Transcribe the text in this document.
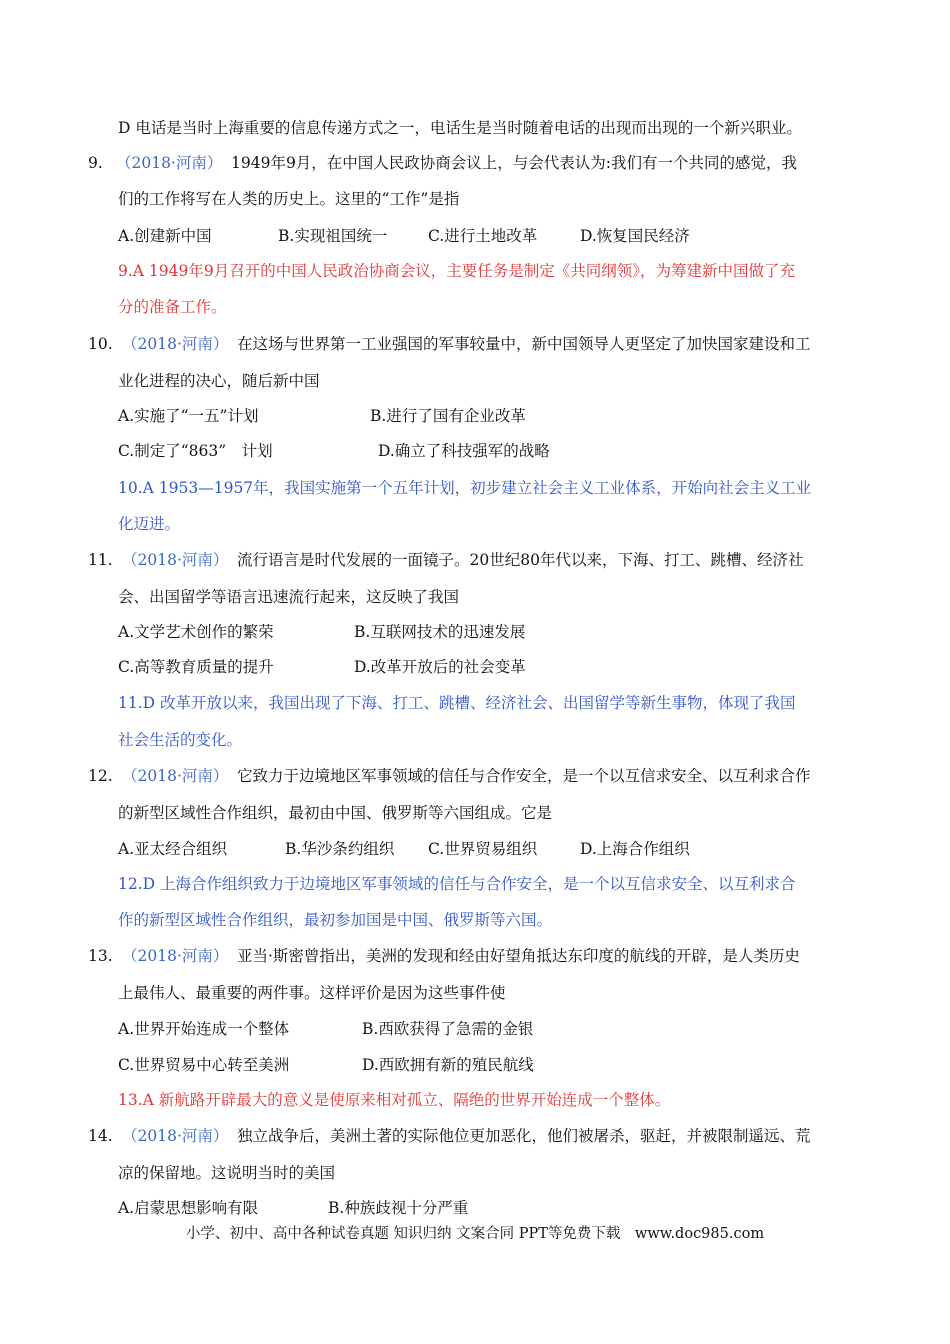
D 电话是当时上海重要的信息传递方式之一，电话生是当时随着电话的出现而出现的一个新兴职业。
9. （2018·河南） 1949年9月，在中国人民政协商会议上，与会代表认为:我们有一个共同的感觉，我
们的工作将写在人类的历史上。这里的“工作”是指
A.创建新中国	B.实现祖国统一	C.进行土地改革	D.恢复国民经济
9.A 1949年9月召开的中国人民政治协商会议，主要任务是制定《共同纲领》，为筹建新中国做了充
分的准备工作。
10. （2018·河南） 在这场与世界第一工业强国的军事较量中，新中国领导人更坚定了加快国家建设和工
业化进程的决心，随后新中国
A.实施了“一五”计划	B.进行了国有企业改革
C.制定了“863”　计划	D.确立了科技强军的战略
10.A 1953—1957年，我国实施第一个五年计划，初步建立社会主义工业体系，开始向社会主义工业
化迈进。
11. （2018·河南） 流行语言是时代发展的一面镜子。20世纪80年代以来，下海、打工、跳槽、经济社
会、出国留学等语言迅速流行起来，这反映了我国
A.文学艺术创作的繁荣	B.互联网技术的迅速发展
C.高等教育质量的提升	D.改革开放后的社会变革
11.D 改革开放以来，我国出现了下海、打工、跳槽、经济社会、出国留学等新生事物，体现了我国
社会生活的变化。
12. （2018·河南） 它致力于边境地区军事领域的信任与合作安全，是一个以互信求安全、以互利求合作
的新型区域性合作组织，最初由中国、俄罗斯等六国组成。它是
A.亚太经合组织	B.华沙条约组织 C.世界贸易组织	D.上海合作组织
12.D 上海合作组织致力于边境地区军事领域的信任与合作安全，是一个以互信求安全、以互利求合
作的新型区域性合作组织，最初参加国是中国、俄罗斯等六国。
13. （2018·河南） 亚当·斯密曾指出，美洲的发现和经由好望角抵达东印度的航线的开辟，是人类历史
上最伟人、最重要的两件事。这样评价是因为这些事件使
A.世界开始连成一个整体	B.西欧获得了急需的金银
C.世界贸易中心转至美洲	D.西欧拥有新的殖民航线
13.A 新航路开辟最大的意义是使原来相对孤立、隔绝的世界开始连成一个整体。
14. （2018·河南） 独立战争后，美洲土著的实际他位更加恶化，他们被屠杀，驱赶，并被限制遥远、荒
凉的保留地。这说明当时的美国
A.启蒙思想影响有限	B.种族歧视十分严重
小学、初中、高中各种试卷真题 知识归纳 文案合同 PPT等免费下载　www.doc985.com
